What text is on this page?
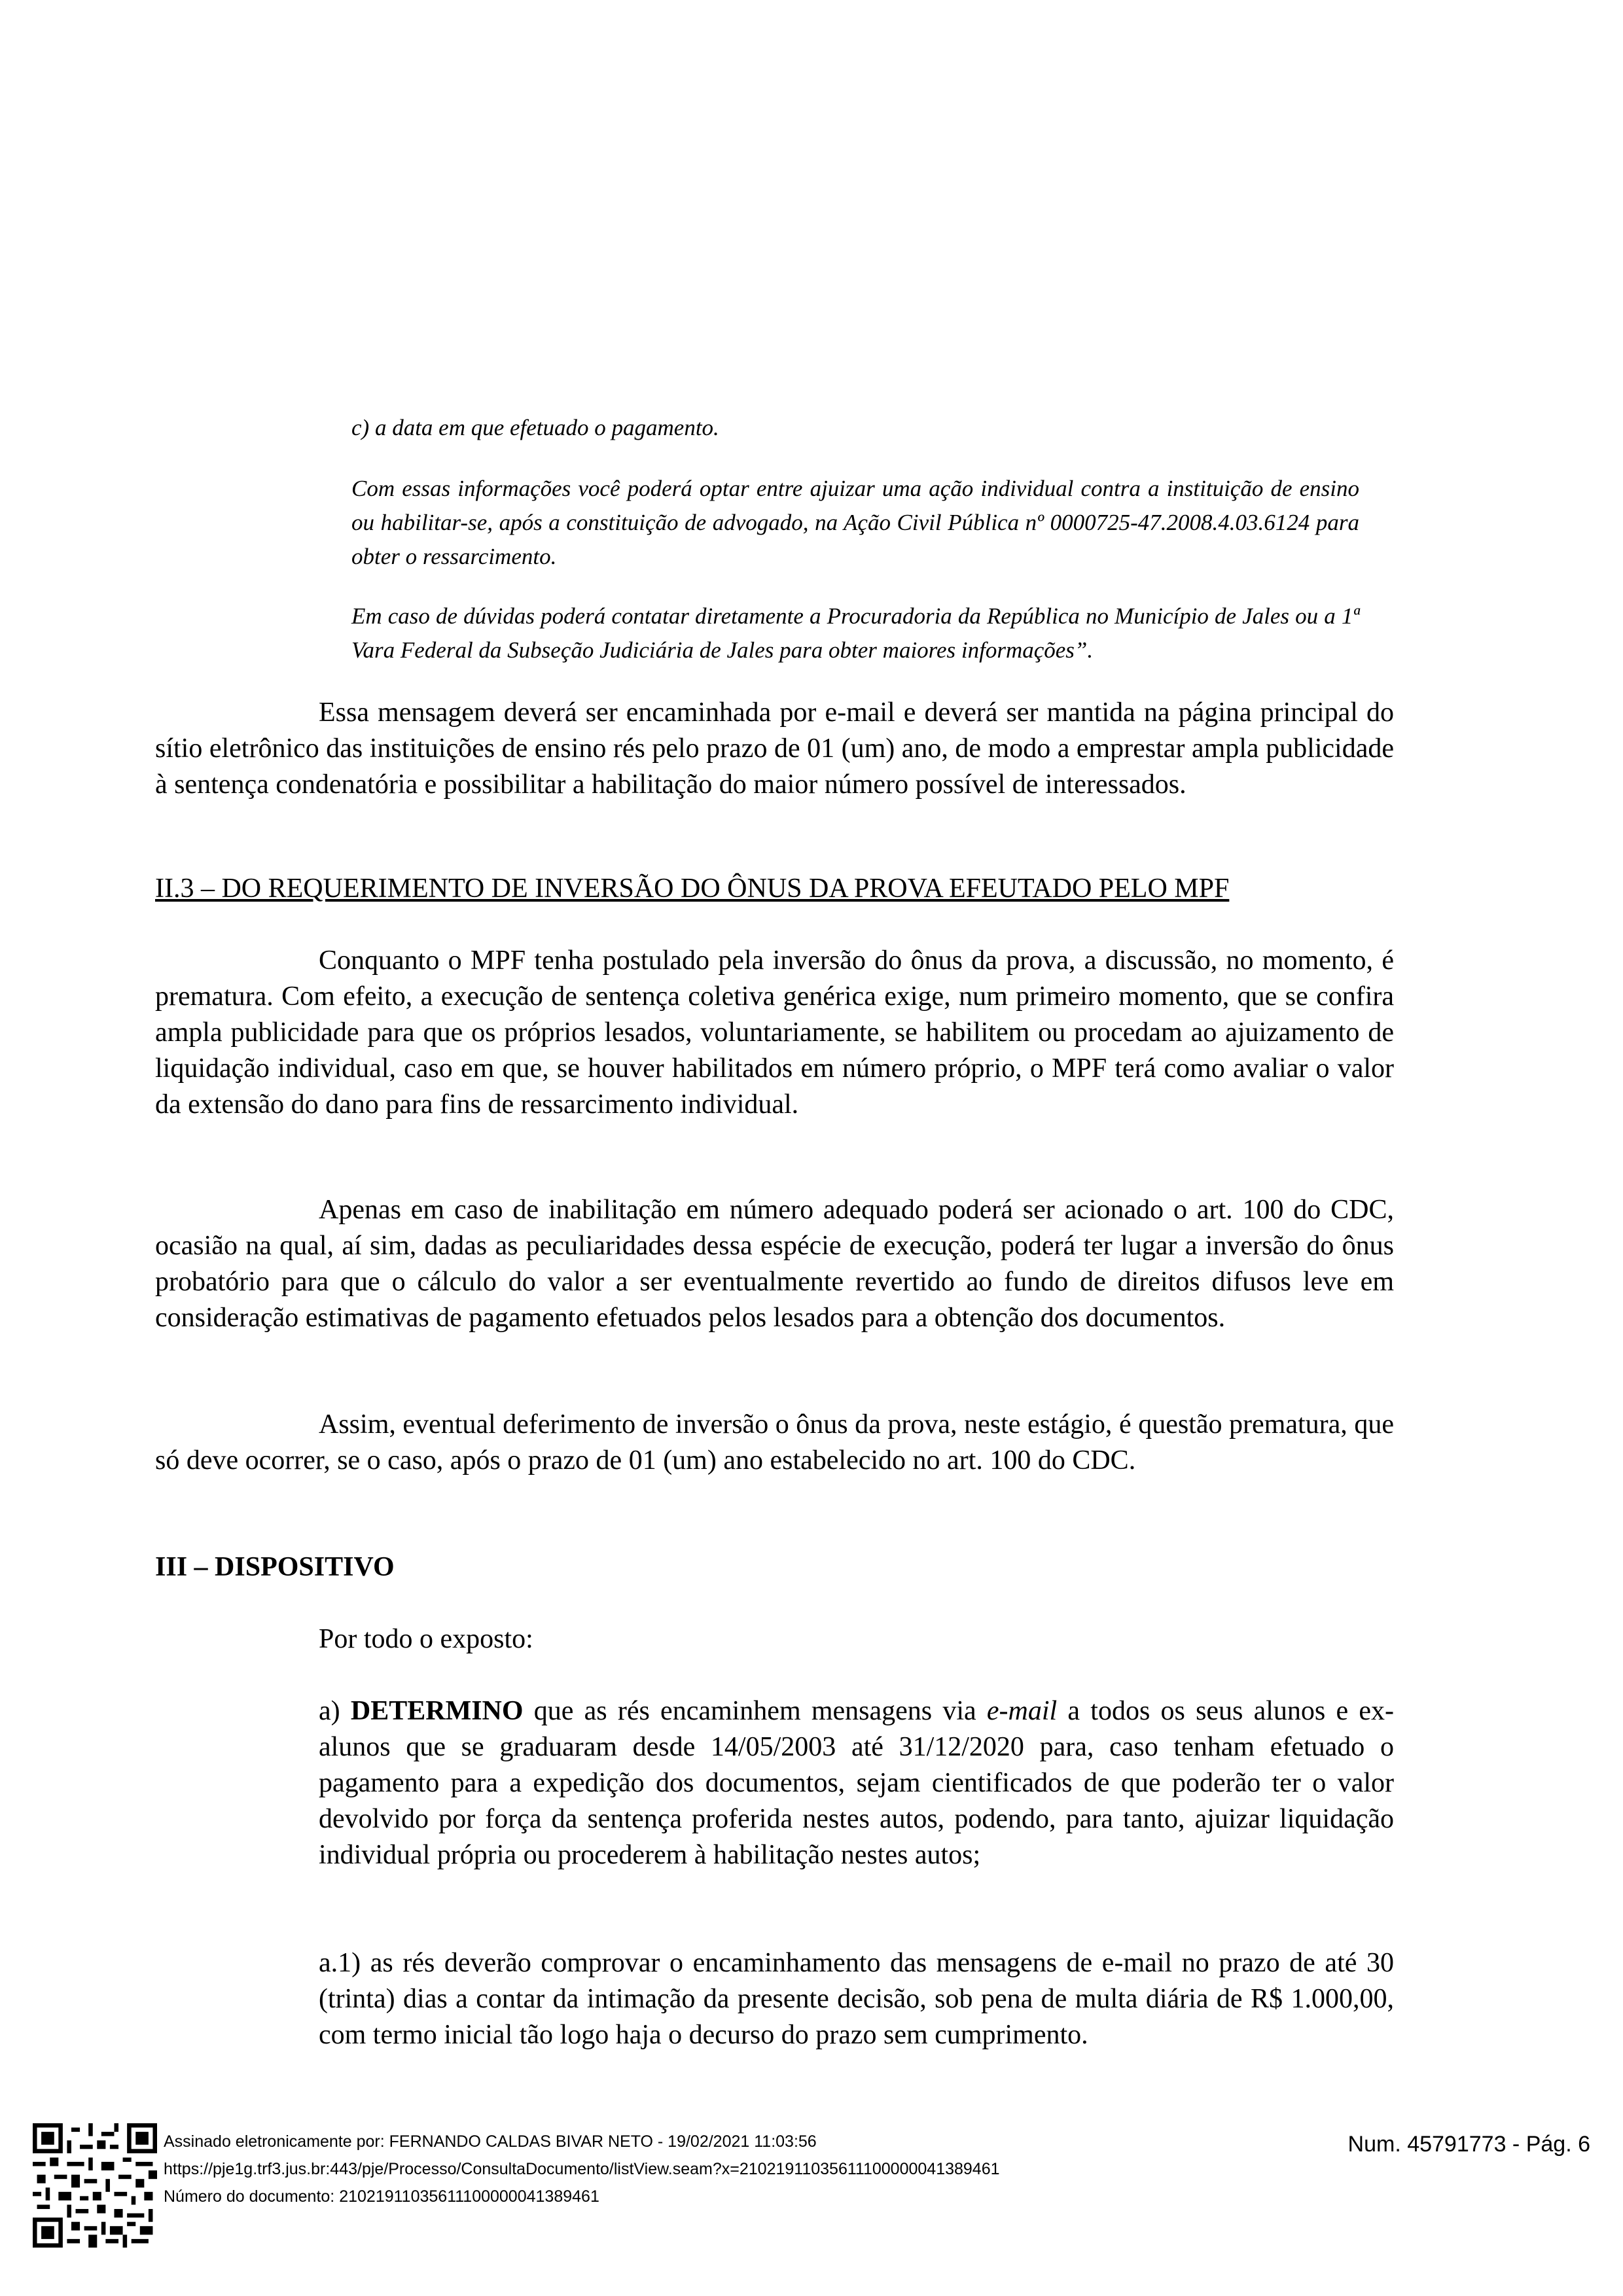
c) a data em que efetuado o pagamento.

Com essas informações você poderá optar entre ajuizar uma ação individual contra a instituição de ensino ou habilitar-se, após a constituição de advogado, na Ação Civil Pública nº 0000725-47.2008.4.03.6124 para obter o ressarcimento.

Em caso de dúvidas poderá contatar diretamente a Procuradoria da República no Município de Jales ou a 1ª Vara Federal da Subseção Judiciária de Jales para obter maiores informações”.

Essa mensagem deverá ser encaminhada por e-mail e deverá ser mantida na página principal do sítio eletrônico das instituições de ensino rés pelo prazo de 01 (um) ano, de modo a emprestar ampla publicidade à sentença condenatória e possibilitar a habilitação do maior número possível de interessados.

II.3 – DO REQUERIMENTO DE INVERSÃO DO ÔNUS DA PROVA EFEUTADO PELO MPF

Conquanto o MPF tenha postulado pela inversão do ônus da prova, a discussão, no momento, é prematura. Com efeito, a execução de sentença coletiva genérica exige, num primeiro momento, que se confira ampla publicidade para que os próprios lesados, voluntariamente, se habilitem ou procedam ao ajuizamento de liquidação individual, caso em que, se houver habilitados em número próprio, o MPF terá como avaliar o valor da extensão do dano para fins de ressarcimento individual.

Apenas em caso de inabilitação em número adequado poderá ser acionado o art. 100 do CDC, ocasião na qual, aí sim, dadas as peculiaridades dessa espécie de execução, poderá ter lugar a inversão do ônus probatório para que o cálculo do valor a ser eventualmente revertido ao fundo de direitos difusos leve em consideração estimativas de pagamento efetuados pelos lesados para a obtenção dos documentos.

Assim, eventual deferimento de inversão o ônus da prova, neste estágio, é questão prematura, que só deve ocorrer, se o caso, após o prazo de 01 (um) ano estabelecido no art. 100 do CDC.

III – DISPOSITIVO

Por todo o exposto:

a) DETERMINO que as rés encaminhem mensagens via e-mail a todos os seus alunos e ex-alunos que se graduaram desde 14/05/2003 até 31/12/2020 para, caso tenham efetuado o pagamento para a expedição dos documentos, sejam cientificados de que poderão ter o valor devolvido por força da sentença proferida nestes autos, podendo, para tanto, ajuizar liquidação individual própria ou procederem à habilitação nestes autos;

a.1) as rés deverão comprovar o encaminhamento das mensagens de e-mail no prazo de até 30 (trinta) dias a contar da intimação da presente decisão, sob pena de multa diária de R$ 1.000,00, com termo inicial tão logo haja o decurso do prazo sem cumprimento.

Assinado eletronicamente por: FERNANDO CALDAS BIVAR NETO - 19/02/2021 11:03:56
https://pje1g.trf3.jus.br:443/pje/Processo/ConsultaDocumento/listView.seam?x=21021911035611100000041389461
Número do documento: 21021911035611100000041389461
Num. 45791773 - Pág. 6
